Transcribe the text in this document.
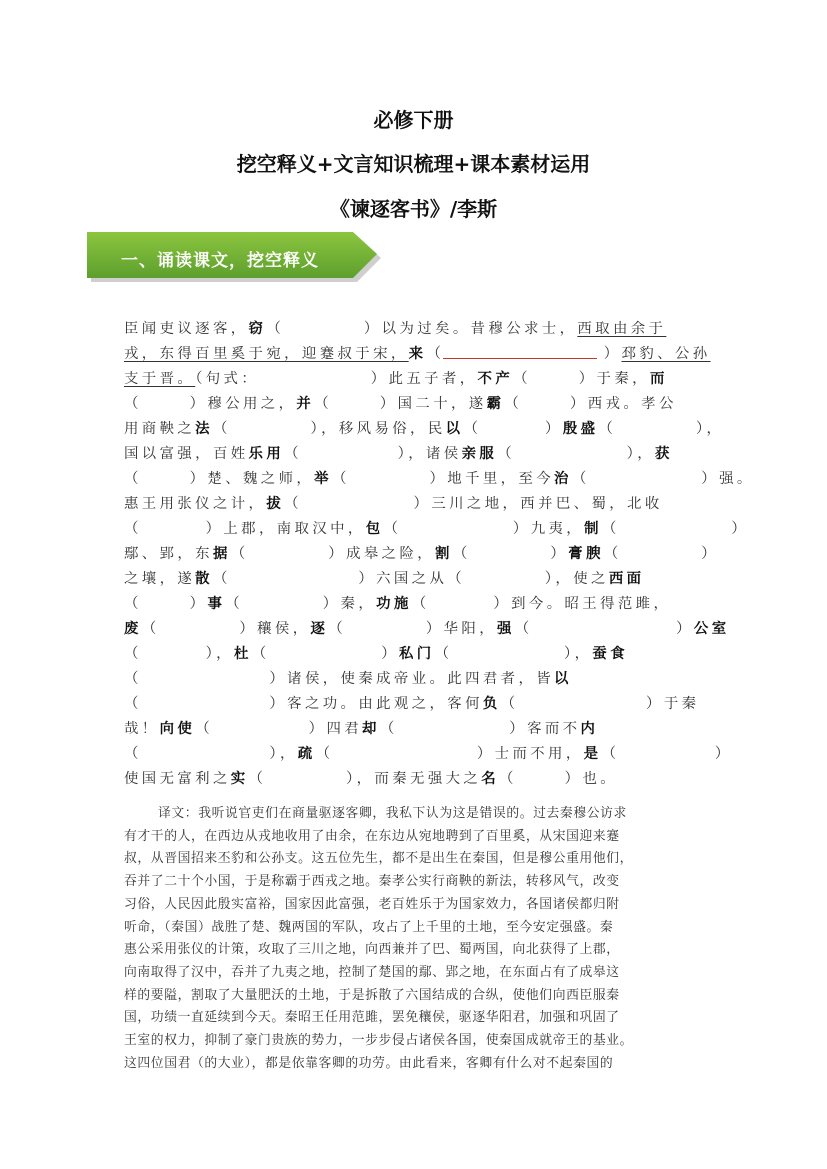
必修下册
挖空释义+文言知识梳理+课本素材运用
《谏逐客书》/李斯
一、诵读课文，挖空释义
臣闻吏议逐客，窃（          ）以为过矣。昔穆公求士，西取由余于
戎，东得百里奚于宛，迎蹇叔于宋，来（                    ）邳豹、公孙
支于晋。（句式：              ）此五子者，不产（      ）于秦，而
（      ）穆公用之，并（      ）国二十，遂霸（      ）西戎。孝公
用商鞅之法（          ），移风易俗，民以（        ）殷盛（          ），
国以富强，百姓乐用（            ），诸侯亲服（              ），获
（      ）楚、魏之师，举（          ）地千里，至今治（              ）强。
惠王用张仪之计，拔（              ）三川之地，西并巴、蜀，北收
（        ）上郡，南取汉中，包（              ）九夷，制（              ）
鄢、郢，东据（          ）成皋之险，割（          ）膏腴（          ）
之壤，遂散（                ）六国之从（          ），使之西面
（      ）事（          ）秦，功施（        ）到今。昭王得范雎，
废（          ）穰侯，逐（          ）华阳，强（                  ）公室
（        ），杜（              ）私门（              ），蚕食
（                ）诸侯，使秦成帝业。此四君者，皆以
（                ）客之功。由此观之，客何负（                ）于秦
哉！向使（            ）四君却（              ）客而不内
（                ），疏（                  ）士而不用，是（            ）
使国无富利之实（          ），而秦无强大之名（      ）也。
译文：我听说官吏们在商量驱逐客卿，我私下认为这是错误的。过去秦穆公访求
有才干的人，在西边从戎地收用了由余，在东边从宛地聘到了百里奚，从宋国迎来蹇
叔，从晋国招来丕豹和公孙支。这五位先生，都不是出生在秦国，但是穆公重用他们，
吞并了二十个小国，于是称霸于西戎之地。秦孝公实行商鞅的新法，转移风气，改变
习俗，人民因此殷实富裕，国家因此富强，老百姓乐于为国家效力，各国诸侯都归附
听命，（秦国）战胜了楚、魏两国的军队，攻占了上千里的土地，至今安定强盛。秦
惠公采用张仪的计策，攻取了三川之地，向西兼并了巴、蜀两国，向北获得了上郡，
向南取得了汉中，吞并了九夷之地，控制了楚国的鄢、郢之地，在东面占有了成皋这
样的要隘，割取了大量肥沃的土地，于是拆散了六国结成的合纵，使他们向西臣服秦
国，功绩一直延续到今天。秦昭王任用范雎，罢免穰侯，驱逐华阳君，加强和巩固了
王室的权力，抑制了豪门贵族的势力，一步步侵占诸侯各国，使秦国成就帝王的基业。
这四位国君（的大业），都是依靠客卿的功劳。由此看来，客卿有什么对不起秦国的
